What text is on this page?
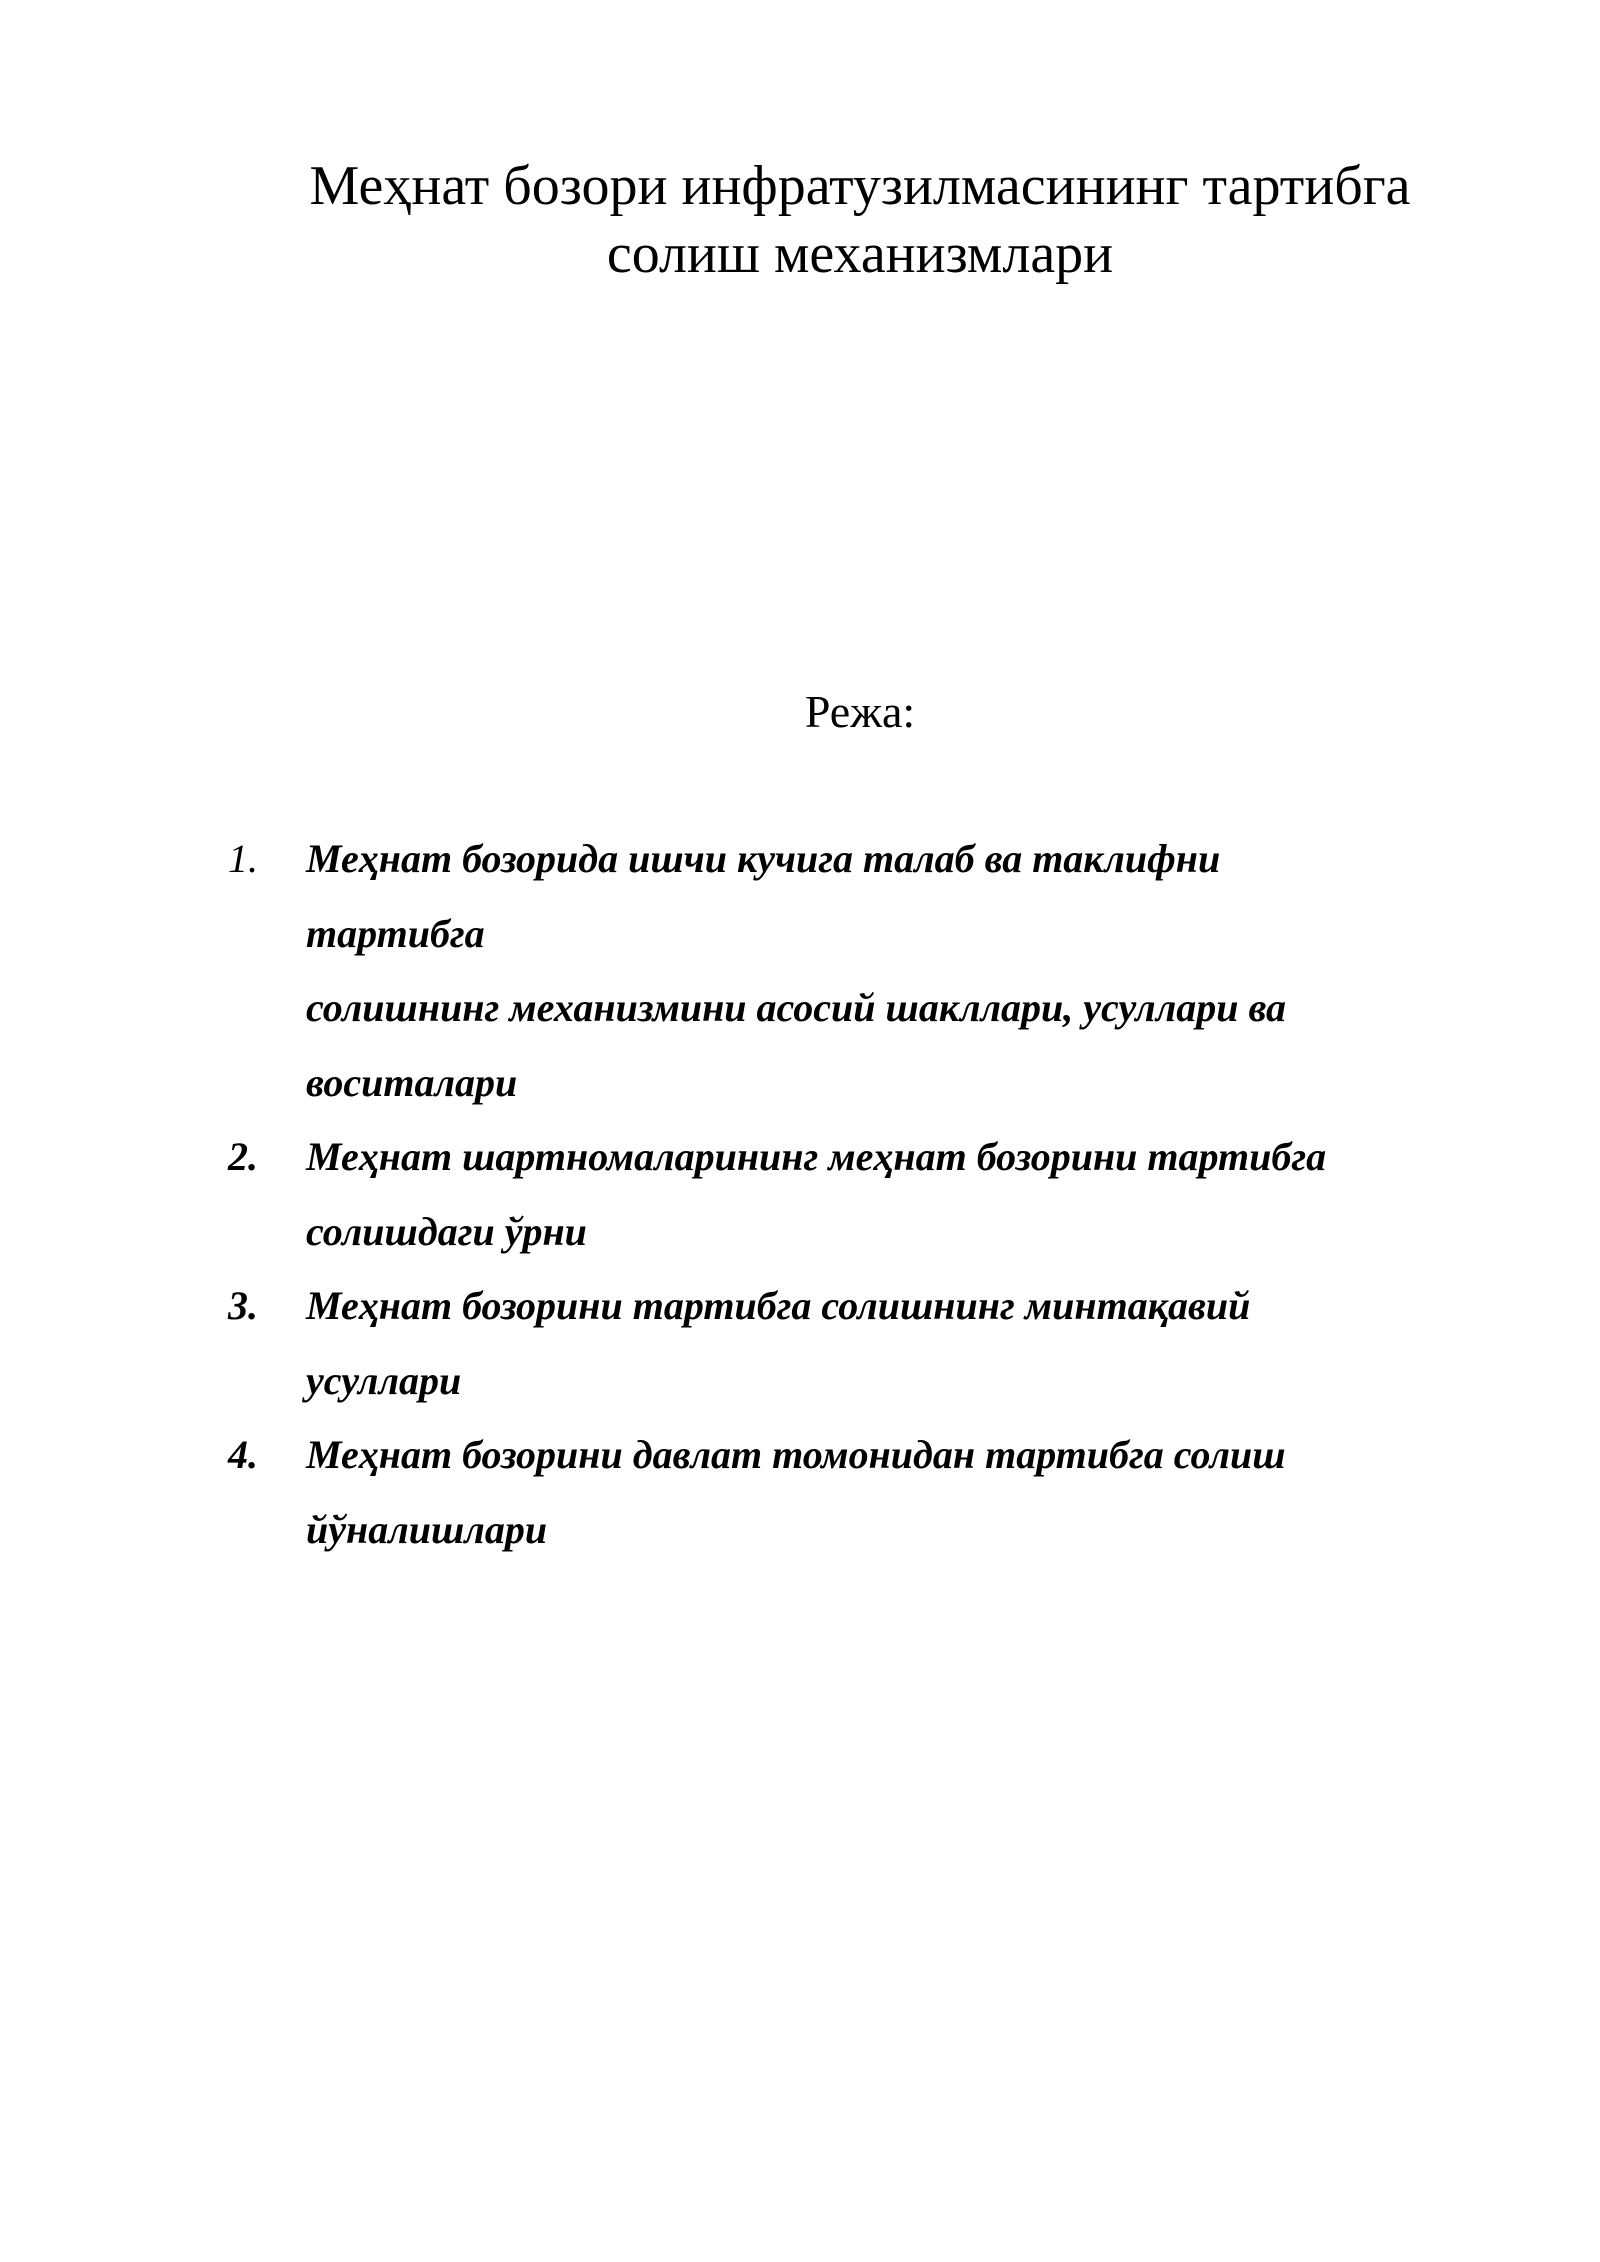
Меҳнат бозори инфратузилмасининг тартибга
солиш механизмлари
Режа:
1. Меҳнат бозорида ишчи кучига талаб ва таклифни
тартибга
солишнинг механизмини асосий шакллари, усуллари ва
воситалари
2. Меҳнат шартномаларининг меҳнат бозорини тартибга
солишдаги ўрни
3. Меҳнат бозорини тартибга солишнинг минтақавий
усуллари
4. Меҳнат бозорини давлат томонидан тартибга солиш
йўналишлари
